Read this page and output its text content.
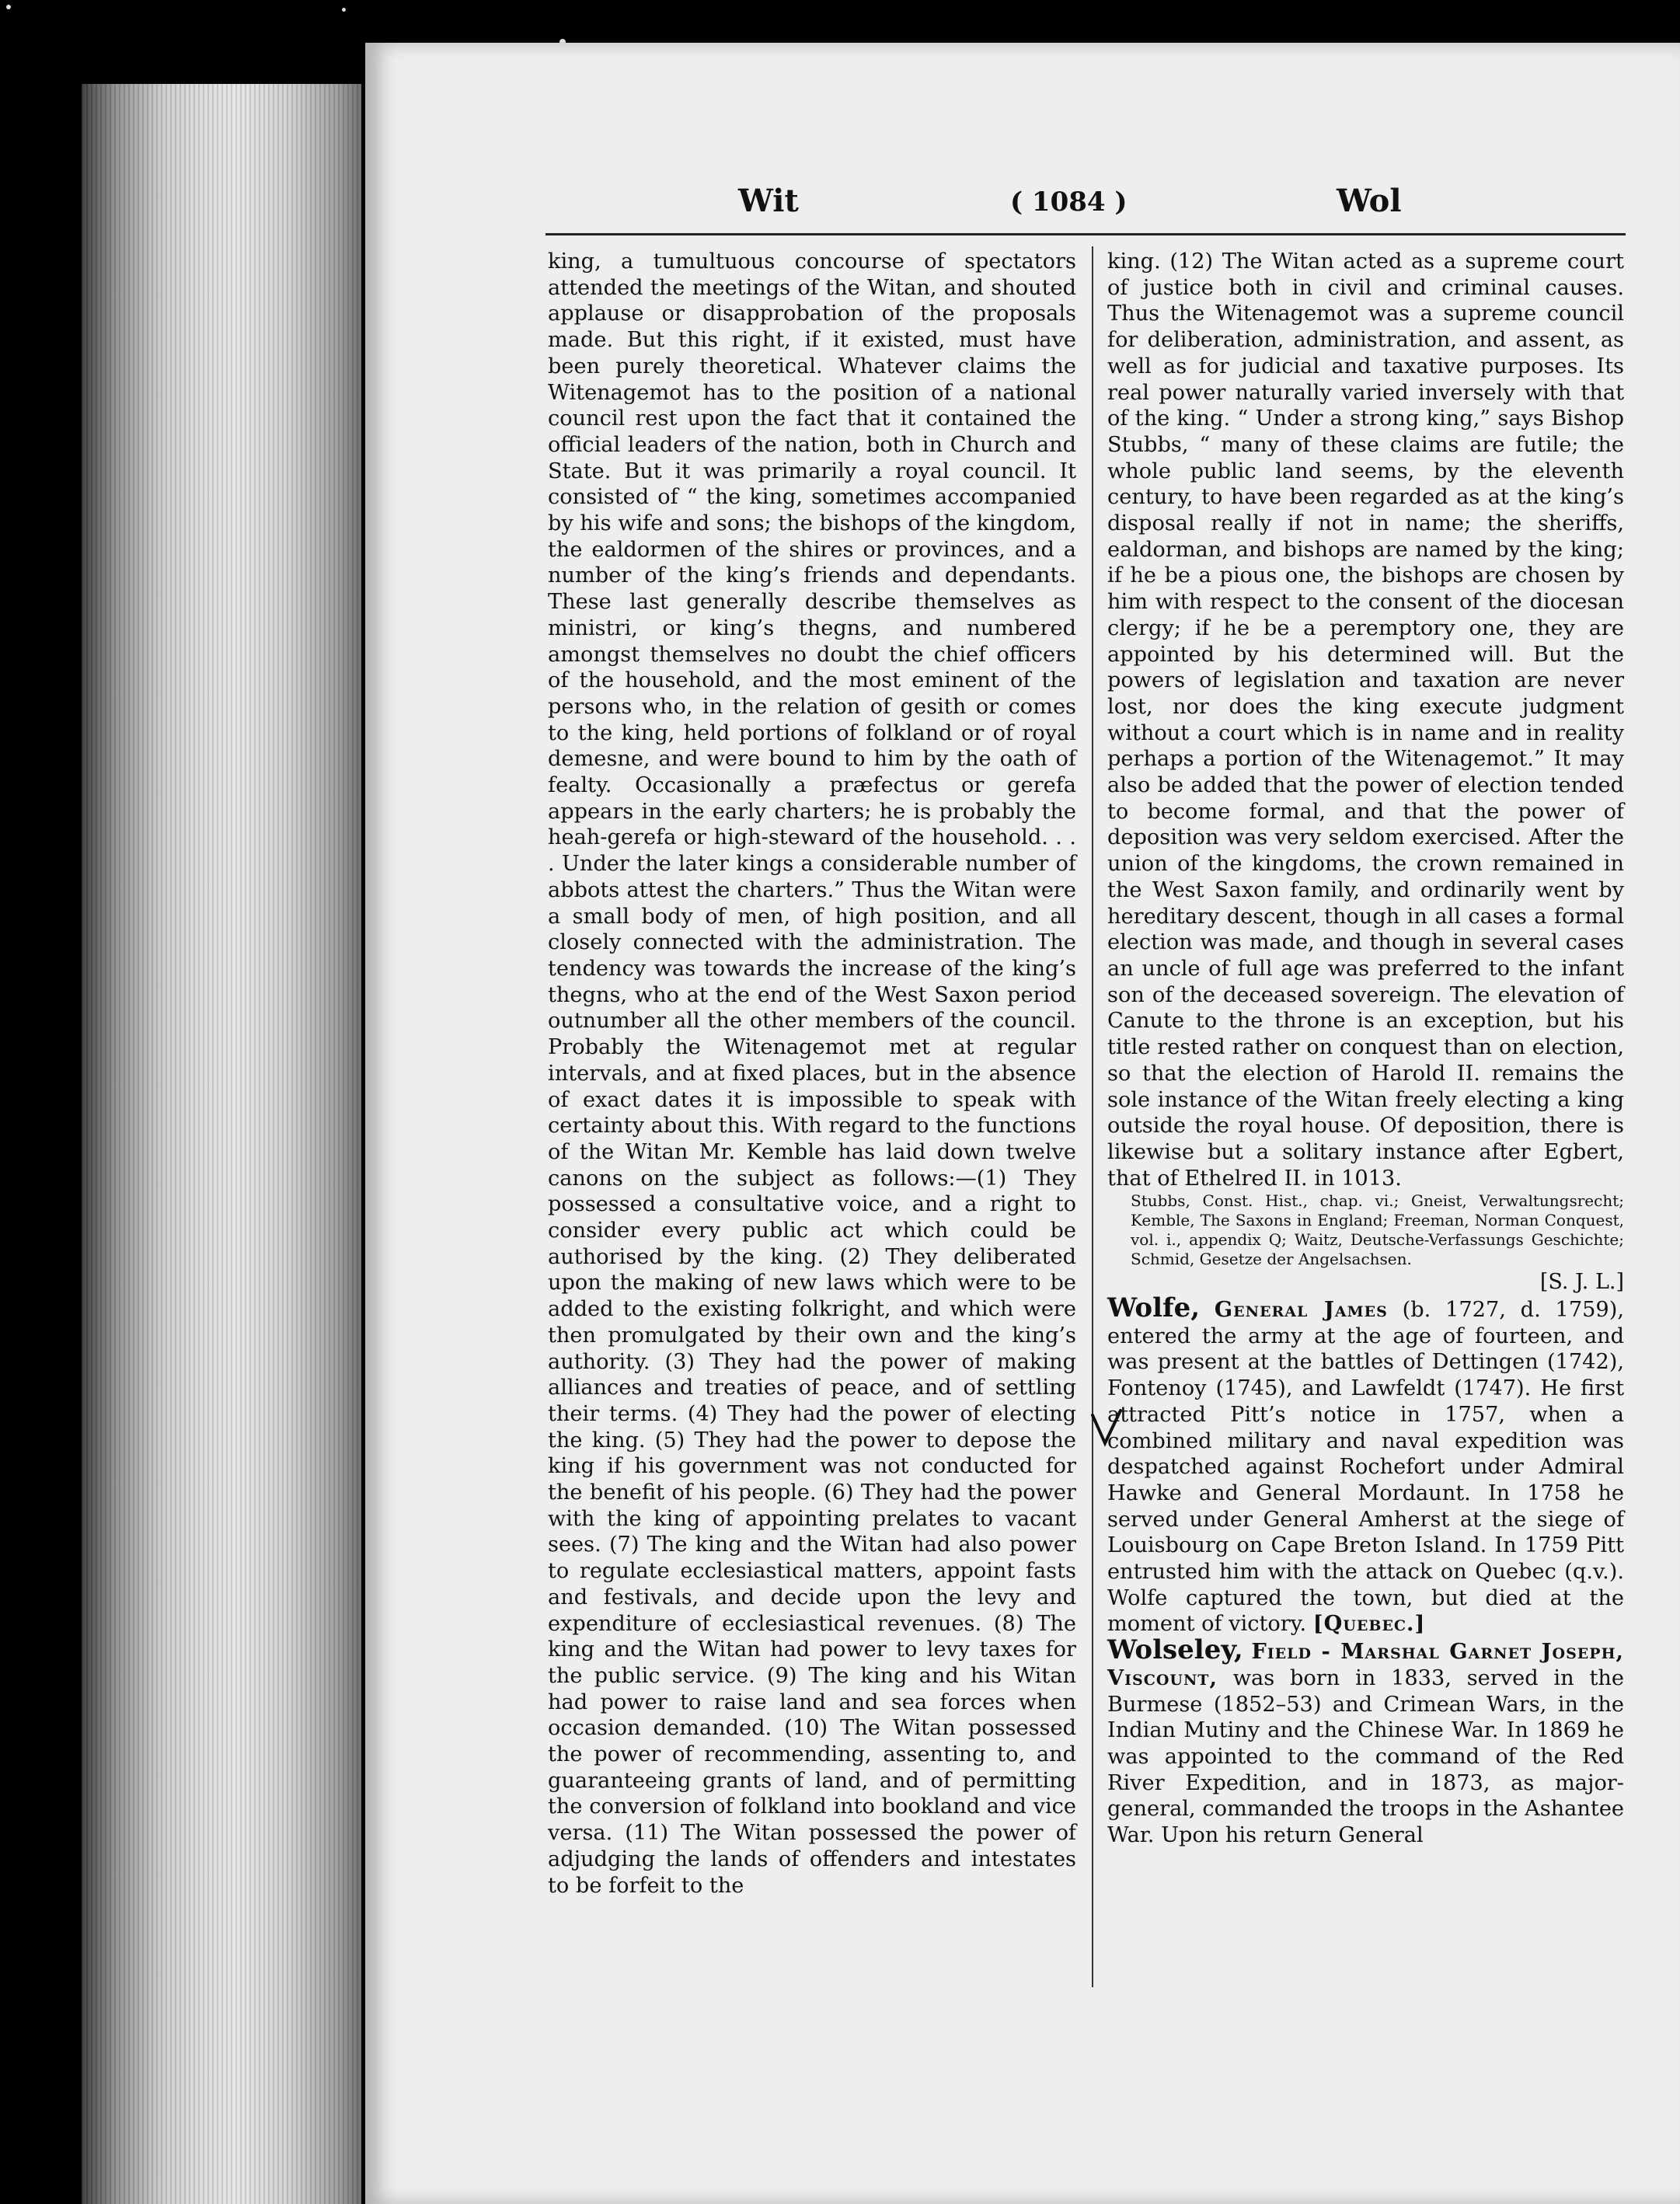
Wit	( 1084 )	Wol

king, a tumultuous concourse of spectators attended the meetings of the Witan, and shouted applause or disapprobation of the proposals made. But this right, if it existed, must have been purely theoretical. Whatever claims the Witenagemot has to the position of a national council rest upon the fact that it contained the official leaders of the nation, both in Church and State. But it was primarily a royal council. It consisted of “ the king, sometimes accompanied by his wife and sons; the bishops of the kingdom, the ealdormen of the shires or provinces, and a number of the king’s friends and dependants. These last generally describe themselves as ministri, or king’s thegns, and numbered amongst themselves no doubt the chief officers of the household, and the most eminent of the persons who, in the relation of gesith or comes to the king, held portions of folkland or of royal demesne, and were bound to him by the oath of fealty. Occasionally a præfectus or gerefa appears in the early charters; he is probably the heah-gerefa or high-steward of the household. . . . Under the later kings a considerable number of abbots attest the charters.” Thus the Witan were a small body of men, of high position, and all closely connected with the administration. The tendency was towards the increase of the king’s thegns, who at the end of the West Saxon period outnumber all the other members of the council. Probably the Witenagemot met at regular intervals, and at fixed places, but in the absence of exact dates it is impossible to speak with certainty about this. With regard to the functions of the Witan Mr. Kemble has laid down twelve canons on the subject as follows:—(1) They possessed a consultative voice, and a right to consider every public act which could be authorised by the king. (2) They deliberated upon the making of new laws which were to be added to the existing folkright, and which were then promulgated by their own and the king’s authority. (3) They had the power of making alliances and treaties of peace, and of settling their terms. (4) They had the power of electing the king. (5) They had the power to depose the king if his government was not conducted for the benefit of his people. (6) They had the power with the king of appointing prelates to vacant sees. (7) The king and the Witan had also power to regulate ecclesiastical matters, appoint fasts and festivals, and decide upon the levy and expenditure of ecclesiastical revenues. (8) The king and the Witan had power to levy taxes for the public service. (9) The king and his Witan had power to raise land and sea forces when occasion demanded. (10) The Witan possessed the power of recommending, assenting to, and guaranteeing grants of land, and of permitting the conversion of folkland into bookland and vice versa. (11) The Witan possessed the power of adjudging the lands of offenders and intestates to be forfeit to the

king. (12) The Witan acted as a supreme court of justice both in civil and criminal causes. Thus the Witenagemot was a supreme council for deliberation, administration, and assent, as well as for judicial and taxative purposes. Its real power naturally varied inversely with that of the king. “ Under a strong king,” says Bishop Stubbs, “ many of these claims are futile; the whole public land seems, by the eleventh century, to have been regarded as at the king’s disposal really if not in name; the sheriffs, ealdorman, and bishops are named by the king; if he be a pious one, the bishops are chosen by him with respect to the consent of the diocesan clergy; if he be a peremptory one, they are appointed by his determined will. But the powers of legislation and taxation are never lost, nor does the king execute judgment without a court which is in name and in reality perhaps a portion of the Witenagemot.” It may also be added that the power of election tended to become formal, and that the power of deposition was very seldom exercised. After the union of the kingdoms, the crown remained in the West Saxon family, and ordinarily went by hereditary descent, though in all cases a formal election was made, and though in several cases an uncle of full age was preferred to the infant son of the deceased sovereign. The elevation of Canute to the throne is an exception, but his title rested rather on conquest than on election, so that the election of Harold II. remains the sole instance of the Witan freely electing a king outside the royal house. Of deposition, there is likewise but a solitary instance after Egbert, that of Ethelred II. in 1013.

Stubbs, Const. Hist., chap. vi.; Gneist, Verwaltungsrecht; Kemble, The Saxons in England; Freeman, Norman Conquest, vol. i., appendix Q; Waitz, Deutsche-Verfassungs Geschichte; Schmid, Gesetze der Angelsachsen.

[S. J. L.]

Wolfe, General James (b. 1727, d. 1759), entered the army at the age of fourteen, and was present at the battles of Dettingen (1742), Fontenoy (1745), and Lawfeldt (1747). He first attracted Pitt’s notice in 1757, when a combined military and naval expedition was despatched against Rochefort under Admiral Hawke and General Mordaunt. In 1758 he served under General Amherst at the siege of Louisbourg on Cape Breton Island. In 1759 Pitt entrusted him with the attack on Quebec (q.v.). Wolfe captured the town, but died at the moment of victory. [Quebec.]

Wolseley, Field - Marshal Garnet Joseph, Viscount, was born in 1833, served in the Burmese (1852–53) and Crimean Wars, in the Indian Mutiny and the Chinese War. In 1869 he was appointed to the command of the Red River Expedition, and in 1873, as major-general, commanded the troops in the Ashantee War. Upon his return General
